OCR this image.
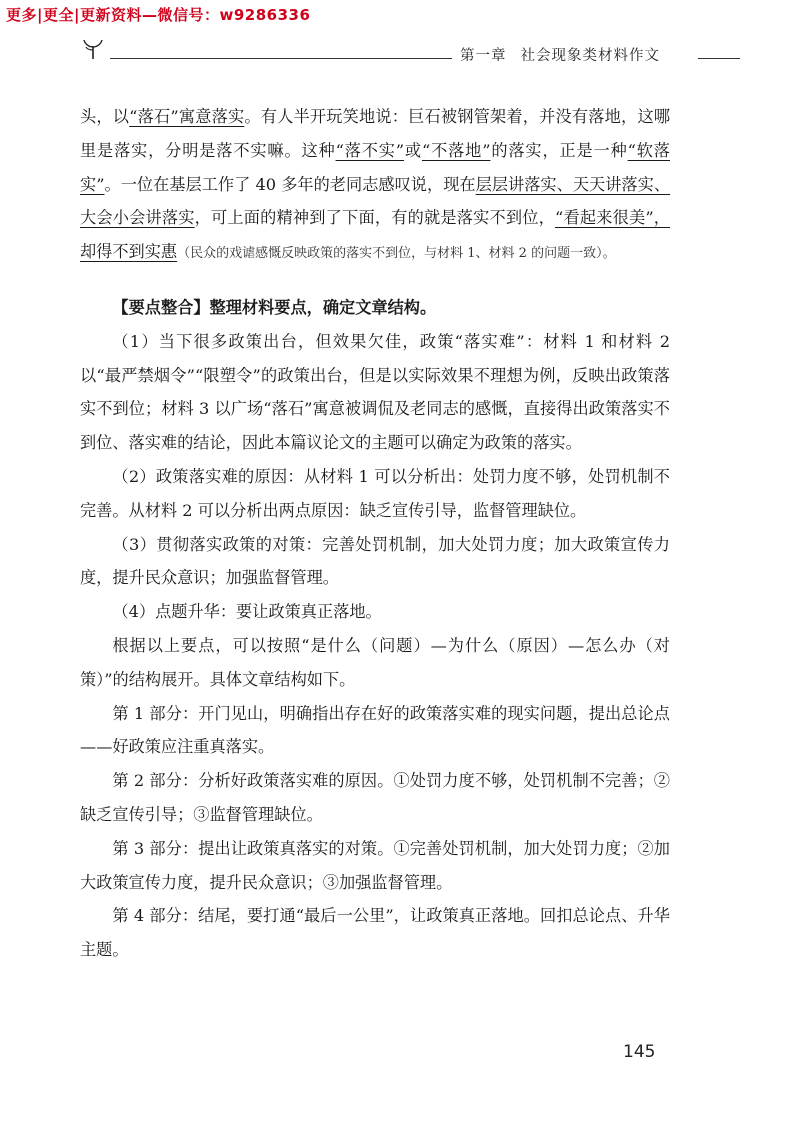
更多|更全|更新资料—微信号：w9286336
第一章 社会现象类材料作文

头，以“落石”寓意落实。有人半开玩笑地说：巨石被钢管架着，并没有落地，这哪里是落实，分明是落不实嘛。这种“落不实”或“不落地”的落实，正是一种“软落实”。一位在基层工作了 40 多年的老同志感叹说，现在层层讲落实、天天讲落实、大会小会讲落实，可上面的精神到了下面，有的就是落实不到位，“看起来很美”，却得不到实惠（民众的戏谑感慨反映政策的落实不到位，与材料 1、材料 2 的问题一致）。

【要点整合】整理材料要点，确定文章结构。

（1）当下很多政策出台，但效果欠佳，政策“落实难”：材料 1 和材料 2 以“最严禁烟令”“限塑令”的政策出台，但是以实际效果不理想为例，反映出政策落实不到位；材料 3 以广场“落石”寓意被调侃及老同志的感慨，直接得出政策落实不到位、落实难的结论，因此本篇议论文的主题可以确定为政策的落实。

（2）政策落实难的原因：从材料 1 可以分析出：处罚力度不够，处罚机制不完善。从材料 2 可以分析出两点原因：缺乏宣传引导，监督管理缺位。

（3）贯彻落实政策的对策：完善处罚机制，加大处罚力度；加大政策宣传力度，提升民众意识；加强监督管理。

（4）点题升华：要让政策真正落地。

根据以上要点，可以按照“是什么（问题）—为什么（原因）—怎么办（对策）”的结构展开。具体文章结构如下。

第 1 部分：开门见山，明确指出存在好的政策落实难的现实问题，提出总论点——好政策应注重真落实。

第 2 部分：分析好政策落实难的原因。①处罚力度不够，处罚机制不完善；②缺乏宣传引导；③监督管理缺位。

第 3 部分：提出让政策真落实的对策。①完善处罚机制，加大处罚力度；②加大政策宣传力度，提升民众意识；③加强监督管理。

第 4 部分：结尾，要打通“最后一公里”，让政策真正落地。回扣总论点、升华主题。

145
